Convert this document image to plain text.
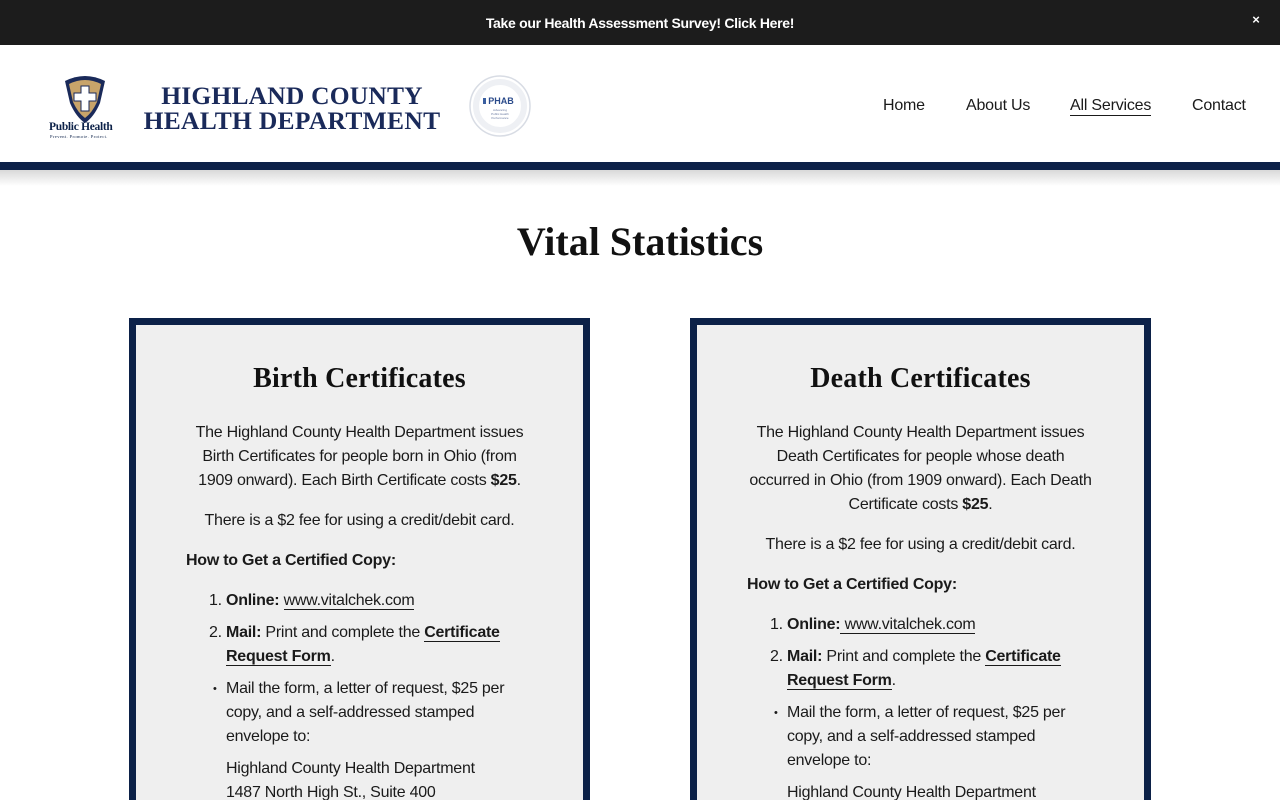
Take our Health Assessment Survey! Click Here!	×
Public Health
Prevent. Promote. Protect.
HIGHLAND COUNTY
HEALTH DEPARTMENT
PHAB
Advancing
Public Health
Performance
Home	About Us All Services	Contact
Vital Statistics
Birth Certificates

The Highland County Health Department issues Birth Certificates for people born in Ohio (from 1909 onward). Each Birth Certificate costs $25.

There is a $2 fee for using a credit/debit card.

How to Get a Certified Copy:

1. Online: www.vitalchek.com
2. Mail: Print and complete the Certificate Request Form.
• Mail the form, a letter of request, $25 per copy, and a self-addressed stamped envelope to:
Highland County Health Department
1487 North High St., Suite 400
Death Certificates

The Highland County Health Department issues Death Certificates for people whose death occurred in Ohio (from 1909 onward). Each Death Certificate costs $25.

There is a $2 fee for using a credit/debit card.

How to Get a Certified Copy:

1. Online: www.vitalchek.com
2. Mail: Print and complete the Certificate Request Form.
• Mail the form, a letter of request, $25 per copy, and a self-addressed stamped envelope to:
Highland County Health Department
